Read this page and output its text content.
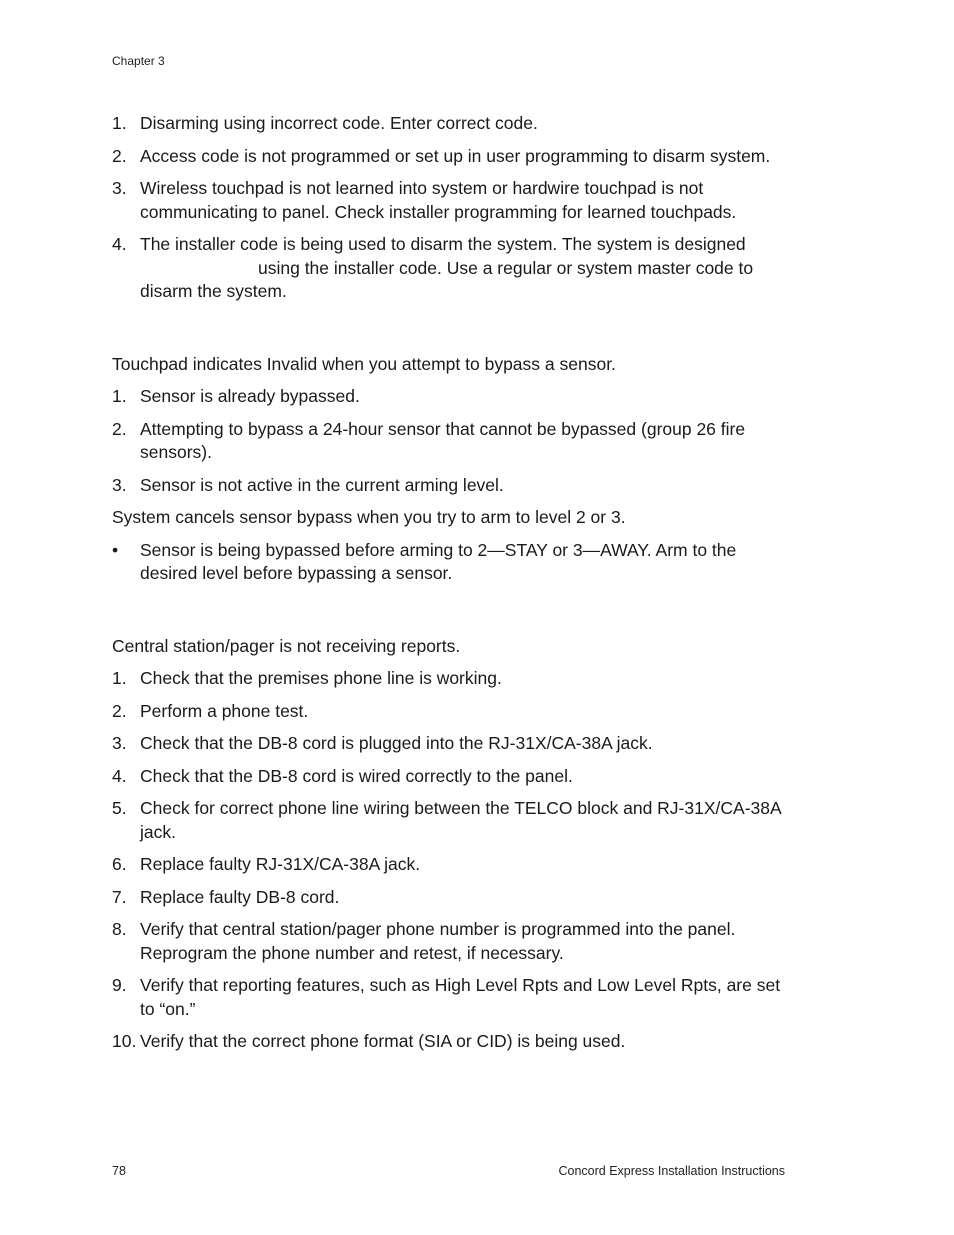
Chapter 3
1. Disarming using incorrect code. Enter correct code.
2. Access code is not programmed or set up in user programming to disarm system.
3. Wireless touchpad is not learned into system or hardwire touchpad is not communicating to panel. Check installer programming for learned touchpads.
4. The installer code is being used to disarm the system. The system is designedusing the installer code. Use a regular or system master code to disarm the system.
Touchpad indicates Invalid when you attempt to bypass a sensor.
1. Sensor is already bypassed.
2. Attempting to bypass a 24-hour sensor that cannot be bypassed (group 26 fire sensors).
3. Sensor is not active in the current arming level.
System cancels sensor bypass when you try to arm to level 2 or 3.
•	Sensor is being bypassed before arming to 2—STAY or 3—AWAY. Arm to the desired level before bypassing a sensor.
Central station/pager is not receiving reports.
1. Check that the premises phone line is working.
2. Perform a phone test.
3. Check that the DB-8 cord is plugged into the RJ-31X/CA-38A jack.
4. Check that the DB-8 cord is wired correctly to the panel.
5. Check for correct phone line wiring between the TELCO block and RJ-31X/CA-38A jack.
6. Replace faulty RJ-31X/CA-38A jack.
7. Replace faulty DB-8 cord.
8. Verify that central station/pager phone number is programmed into the panel. Reprogram the phone number and retest, if necessary.
9. Verify that reporting features, such as High Level Rpts and Low Level Rpts, are set to “on.”
10. Verify that the correct phone format (SIA or CID) is being used.
78	Concord Express Installation Instructions
